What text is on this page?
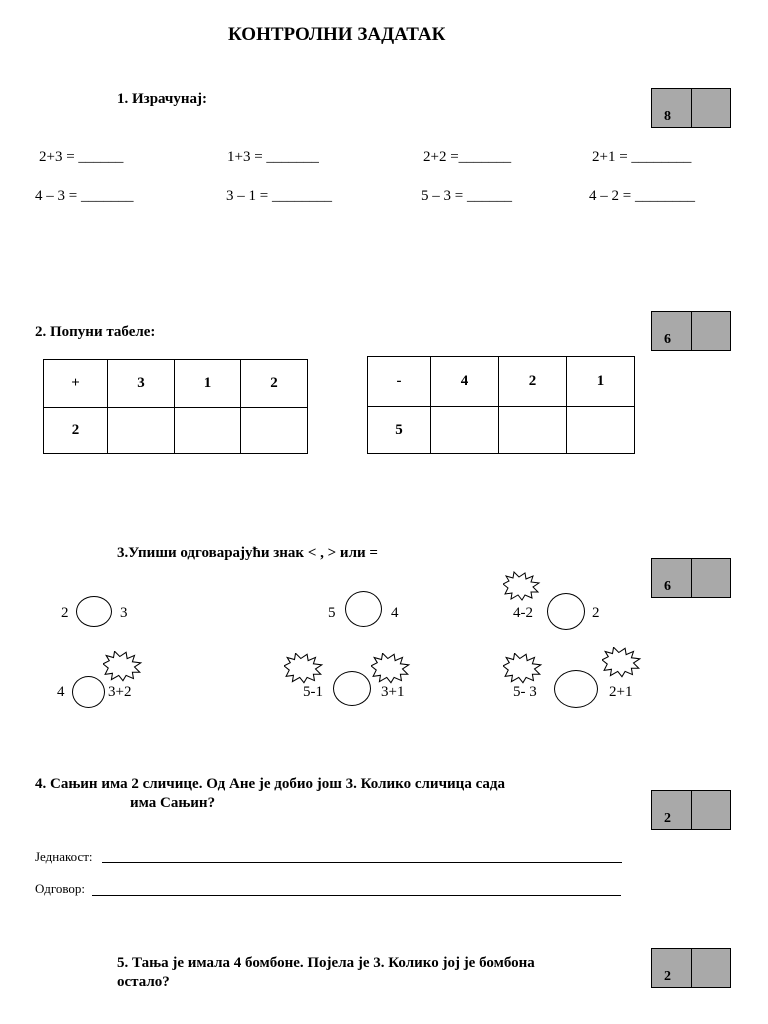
КОНТРОЛНИ ЗАДАТАК
1. Израчунај:
8
2+3 = ______	1+3 = _______	2+2 =_______	2+1 = ________
4 – 3 = _______	3 – 1 = ________	5 – 3 = ______	4 – 2 = ________
2. Попуни табеле:	6
+	3	1	2
2			
-	4	2	1
5			
3.Упиши одговарајући знак < , > или =
6
2	3	5	4	4-2	2
4	3+2	5-1	3+1	5- 3	2+1
4. Сањин има 2 сличице. Од Ане је добио још 3. Колико сличица сада
има Сањин?
2
Једнакост:
Одговор:
5. Тања је имала 4 бомбоне. Појела је 3. Колико јој је бомбона
остало?	2
